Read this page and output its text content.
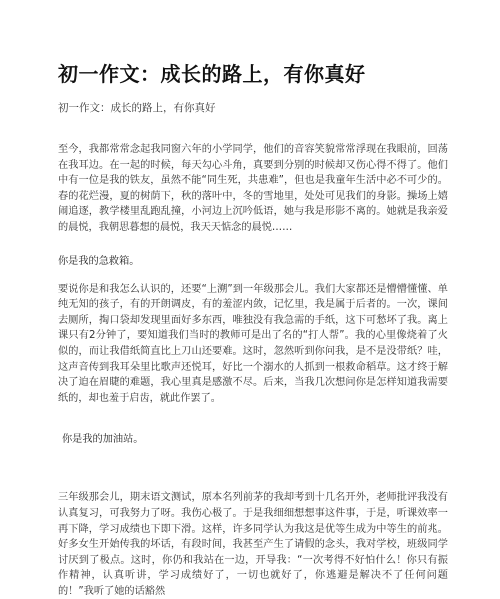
初一作文：成长的路上，有你真好
初一作文：成长的路上，有你真好

至今，我都常常念起我同窗六年的小学同学，他们的音容笑貌常常浮现在我眼前，回荡在我耳边。在一起的时候，每天勾心斗角，真要到分别的时候却又伤心得不得了。他们中有一位是我的铁友，虽然不能“同生死，共患难”，但也是我童年生活中必不可少的。春的花烂漫，夏的树荫下，秋的落叶中，冬的雪地里，处处可见我们的身影。操场上嬉闹追逐，教学楼里乱跑乱撞，小河边上沉吟低语，她与我是形影不离的。她就是我亲爱的晨悦，我朝思暮想的晨悦，我天天惦念的晨悦……

你是我的急救箱。

要说你是和我怎么认识的，还要“上溯”到一年级那会儿。我们大家都还是懵懵懂懂、单纯无知的孩子，有的开朗调皮，有的羞涩内敛，记忆里，我是属于后者的。一次，课间去厕所，掏口袋却发现里面好多东西，唯独没有我急需的手纸，这下可愁坏了我。离上课只有2分钟了，要知道我们当时的教师可是出了名的“打人帮”。我的心里像烧着了火似的，而让我借纸简直比上刀山还要难。这时，忽然听到你问我，是不是没带纸？哇，这声音传到我耳朵里比歌声还悦耳，好比一个溺水的人抓到一根救命稻草。这才终于解决了迫在眉睫的难题，我心里真是感激不尽。后来，当我几次想问你是怎样知道我需要纸的，却也羞于启齿，就此作罢了。

你是我的加油站。

三年级那会儿，期末语文测试，原本名列前茅的我却考到十几名开外，老师批评我没有认真复习，可我努力了呀。我伤心极了。于是我细细想想事这件事，于是，听课效率一再下降，学习成绩也下即下滑。这样，许多同学认为我这是优等生成为中等生的前兆。好多女生开始传我的坏话，有段时间，我甚至产生了请假的念头，我对学校，班级同学讨厌到了极点。这时，你仍和我站在一边，开导我：“一次考得不好怕什么！你只有振作精神，认真听讲，学习成绩好了，一切也就好了，你逃避是解决不了任何问题的！”我听了她的话豁然
